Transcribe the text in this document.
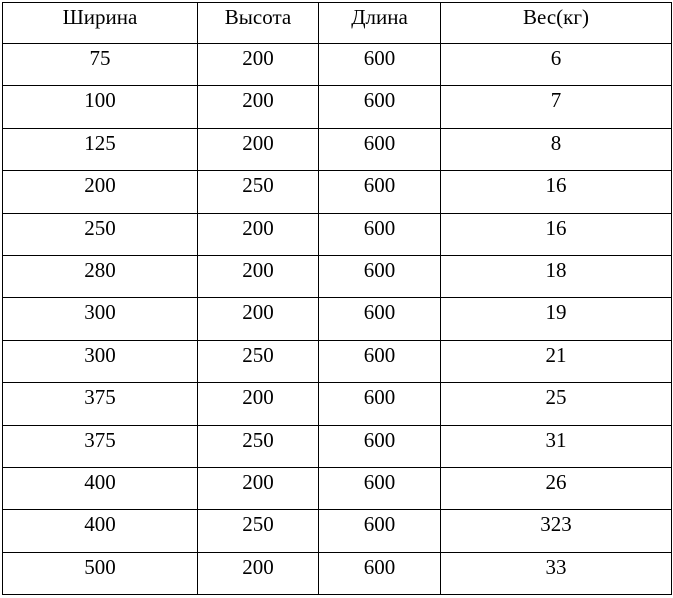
Ширина	Высота	Длина	Вес(кг)
75	200	600	6
100	200	600	7
125	200	600	8
200	250	600	16
250	200	600	16
280	200	600	18
300	200	600	19
300	250	600	21
375	200	600	25
375	250	600	31
400	200	600	26
400	250	600	323
500	200	600	33
